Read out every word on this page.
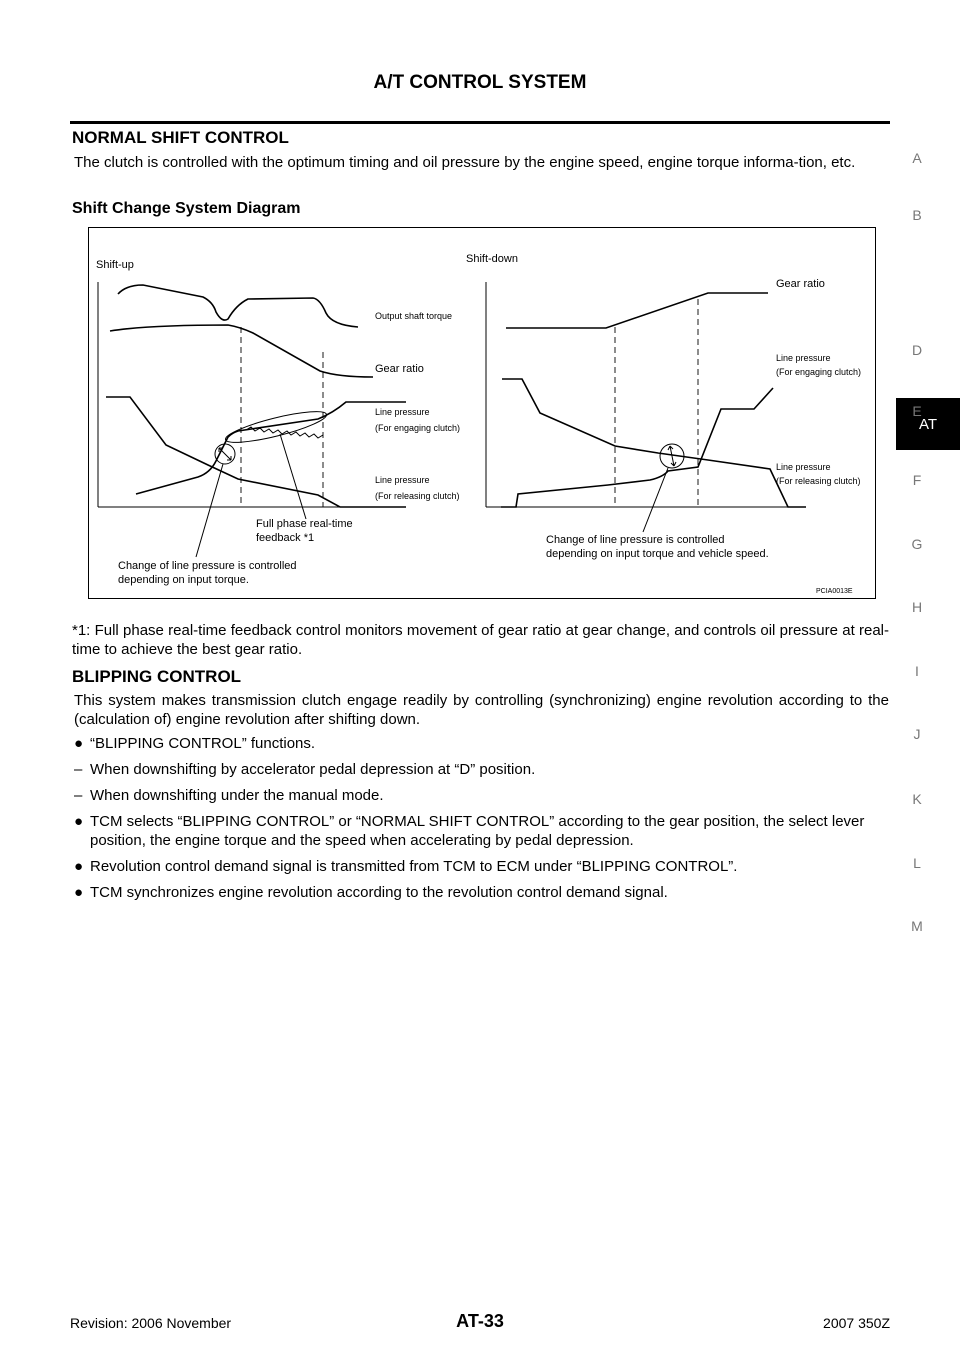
A/T CONTROL SYSTEM
NORMAL SHIFT CONTROL
The clutch is controlled with the optimum timing and oil pressure by the engine speed, engine torque informa-tion, etc.
Shift Change System Diagram
Shift-up
Output shaft torque
Gear ratio
Line pressure
(For engaging clutch)
Line pressure
(For releasing clutch)
Full phase real-time
feedback *1
Change of line pressure is controlled
depending on input torque.
Shift-down
Gear ratio
Line pressure
(For engaging clutch)
Line pressure
(For releasing clutch)
Change of line pressure is controlled
depending on input torque and vehicle speed.
PCIA0013E
*1: Full phase real-time feedback control monitors movement of gear ratio at gear change, and controls oil pressure at real-time to achieve the best gear ratio.
BLIPPING CONTROL
This system makes transmission clutch engage readily by controlling (synchronizing) engine revolution according to the (calculation of) engine revolution after shifting down.
● “BLIPPING CONTROL” functions.
– When downshifting by accelerator pedal depression at “D” position.
– When downshifting under the manual mode.
● TCM selects “BLIPPING CONTROL” or “NORMAL SHIFT CONTROL” according to the gear position, the select lever position, the engine torque and the speed when accelerating by pedal depression.
● Revolution control demand signal is transmitted from TCM to ECM under “BLIPPING CONTROL”.
● TCM synchronizes engine revolution according to the revolution control demand signal.
A
B
AT
D
E
F
G
H
I
J
K
L
M
Revision: 2006 November	AT-33	2007 350Z
